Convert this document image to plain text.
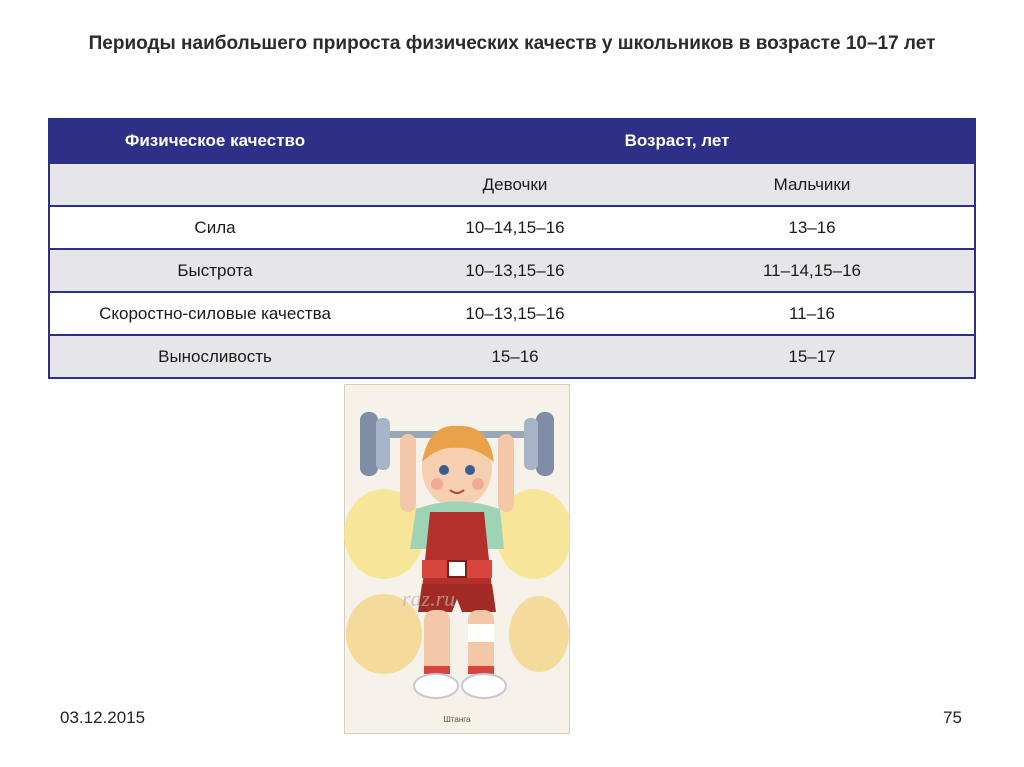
Периоды наибольшего прироста физических качеств у школьников в возрасте 10–17 лет
Физическое качество	Возраст, лет	
	Девочки	Мальчики
Сила	10–14,15–16	13–16
Быстрота	10–13,15–16	11–14,15–16
Скоростно-силовые качества	10–13,15–16	11–16
Выносливость	15–16	15–17
raz.ru
Штанга
03.12.2015	75
